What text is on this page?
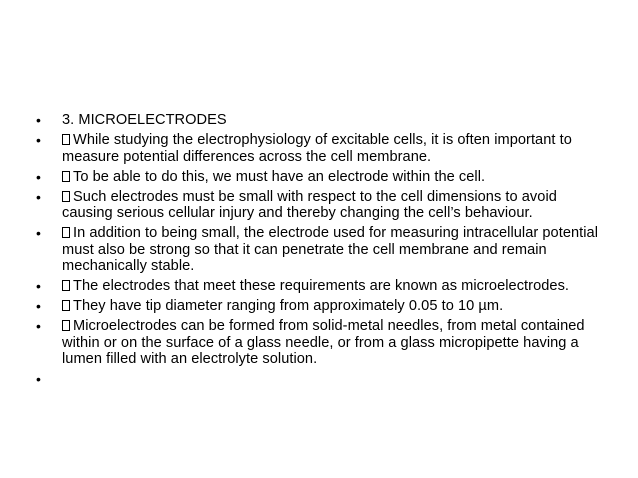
• 3. MICROELECTRODES
• While studying the electrophysiology of excitable cells, it is often important to measure potential differences across the cell membrane.
• To be able to do this, we must have an electrode within the cell.
• Such electrodes must be small with respect to the cell dimensions to avoid causing serious cellular injury and thereby changing the cell’s behaviour.
• In addition to being small, the electrode used for measuring intracellular potential must also be strong so that it can penetrate the cell membrane and remain mechanically stable.
• The electrodes that meet these requirements are known as microelectrodes.
• They have tip diameter ranging from approximately 0.05 to 10 µm.
• Microelectrodes can be formed from solid-metal needles, from metal contained within or on the surface of a glass needle, or from a glass micropipette having a lumen filled with an electrolyte solution.
•
